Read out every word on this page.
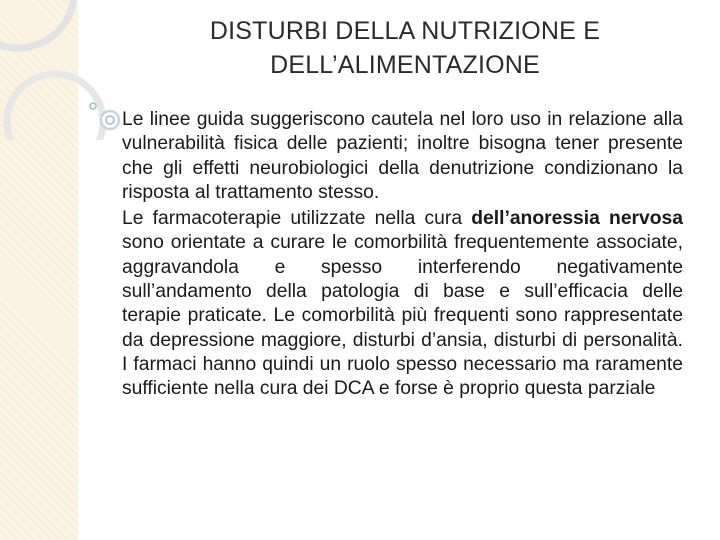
DISTURBI DELLA NUTRIZIONE E
DELL’ALIMENTAZIONE

Le linee guida suggeriscono cautela nel loro uso in relazione alla vulnerabilità fisica delle pazienti; inoltre bisogna tener presente che gli effetti neurobiologici della denutrizione condizionano la risposta al trattamento stesso.

Le farmacoterapie utilizzate nella cura dell’anoressia nervosa sono orientate a curare le comorbilità frequentemente associate, aggravandola e spesso interferendo negativamente sull’andamento della patologia di base e sull’efficacia delle terapie praticate. Le comorbilità più frequenti sono rappresentate da depressione maggiore, disturbi d’ansia, disturbi di personalità. I farmaci hanno quindi un ruolo spesso necessario ma raramente sufficiente nella cura dei DCA e forse è proprio questa parziale
